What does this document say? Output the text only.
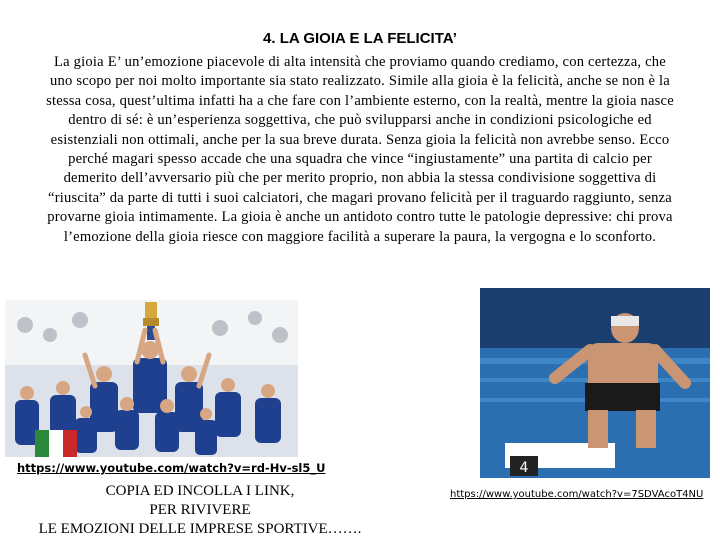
4. LA GIOIA E LA FELICITA’

La gioia E’ un’emozione piacevole di alta intensità che proviamo quando crediamo, con certezza, che uno scopo per noi molto importante sia stato realizzato. Simile alla gioia è la felicità, anche se non è la stessa cosa, quest’ultima infatti ha a che fare con l’ambiente esterno, con la realtà, mentre la gioia nasce dentro di sé: è un’esperienza soggettiva, che può svilupparsi anche in condizioni psicologiche ed esistenziali non ottimali, anche per la sua breve durata. Senza gioia la felicità non avrebbe senso. Ecco perché magari spesso accade che una squadra che vince “ingiustamente” una partita di calcio per demerito dell’avversario più che per merito proprio, non abbia la stessa condivisione soggettiva di “riuscita” da parte di tutti i suoi calciatori, che magari provano felicità per il traguardo raggiunto, senza provarne gioia intimamente. La gioia è anche un antidoto contro tutte le patologie depressive: chi prova l’emozione della gioia riesce con maggiore facilità a superare la paura, la vergogna e lo sconforto.

4
https://www.youtube.com/watch?v=rd-Hv-sl5_U
https://www.youtube.com/watch?v=7SDVAcoT4NU
COPIA ED INCOLLA I LINK,
PER RIVIVERE
LE EMOZIONI DELLE IMPRESE SPORTIVE…….
